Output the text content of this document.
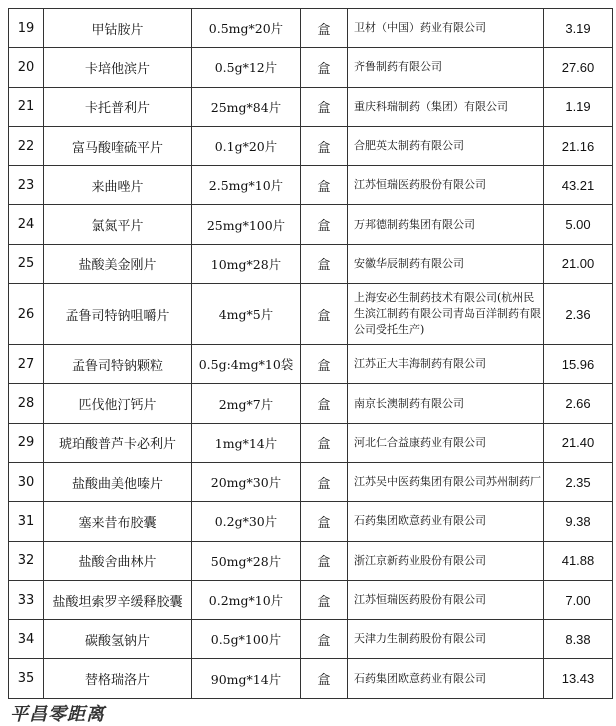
19	甲钴胺片	0.5mg*20片	盒	卫材（中国）药业有限公司	3.19
20	卡培他滨片	0.5g*12片	盒	齐鲁制药有限公司	27.60
21	卡托普利片	25mg*84片	盒	重庆科瑞制药（集团）有限公司	1.19
22	富马酸喹硫平片	0.1g*20片	盒	合肥英太制药有限公司	21.16
23	来曲唑片	2.5mg*10片	盒	江苏恒瑞医药股份有限公司	43.21
24	氯氮平片	25mg*100片	盒	万邦德制药集团有限公司	5.00
25	盐酸美金刚片	10mg*28片	盒	安徽华辰制药有限公司	21.00
26	孟鲁司特钠咀嚼片	4mg*5片	盒	上海安必生制药技术有限公司(杭州民生滨江制药有限公司青岛百洋制药有限公司受托生产)	2.36
27	孟鲁司特钠颗粒	0.5g:4mg*10袋	盒	江苏正大丰海制药有限公司	15.96
28	匹伐他汀钙片	2mg*7片	盒	南京长澳制药有限公司	2.66
29	琥珀酸普芦卡必利片	1mg*14片	盒	河北仁合益康药业有限公司	21.40
30	盐酸曲美他嗪片	20mg*30片	盒	江苏吴中医药集团有限公司苏州制药厂	2.35
31	塞来昔布胶囊	0.2g*30片	盒	石药集团欧意药业有限公司	9.38
32	盐酸舍曲林片	50mg*28片	盒	浙江京新药业股份有限公司	41.88
33	盐酸坦索罗辛缓释胶囊	0.2mg*10片	盒	江苏恒瑞医药股份有限公司	7.00
34	碳酸氢钠片	0.5g*100片	盒	天津力生制药股份有限公司	8.38
35	替格瑞洛片	90mg*14片	盒	石药集团欧意药业有限公司	13.43
平昌零距离
